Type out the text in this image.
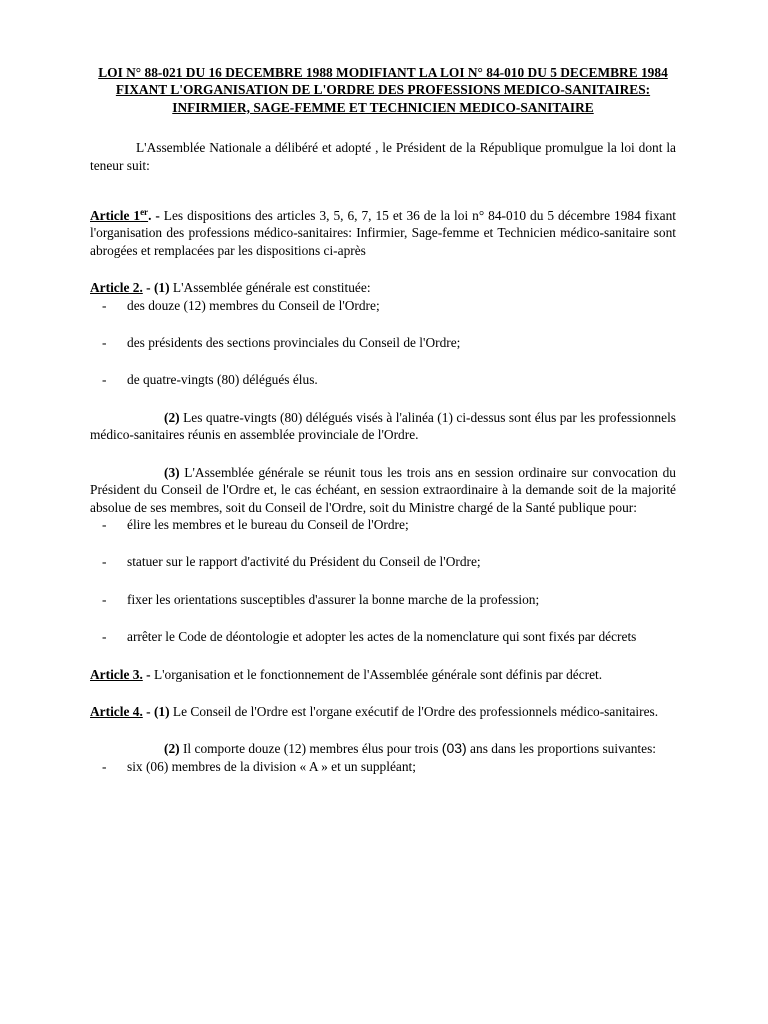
LOI N° 88-021 DU 16 DECEMBRE 1988 MODIFIANT LA LOI N° 84-010 DU 5 DECEMBRE 1984 FIXANT L'ORGANISATION DE L'ORDRE DES PROFESSIONS MEDICO-SANITAIRES: INFIRMIER, SAGE-FEMME ET TECHNICIEN MEDICO-SANITAIRE

L'Assemblée Nationale a délibéré et adopté , le Président de la République promulgue la loi dont la teneur suit:

Article 1er. - Les dispositions des articles 3, 5, 6, 7, 15 et 36 de la loi n° 84-010 du 5 décembre 1984 fixant l'organisation des professions médico-sanitaires: Infirmier, Sage-femme et Technicien médico-sanitaire sont abrogées et remplacées par les dispositions ci-après

Article 2. - (1) L'Assemblée générale est constituée:

- des douze (12) membres du Conseil de l'Ordre;
- des présidents des sections provinciales du Conseil de l'Ordre;
- de quatre-vingts (80) délégués élus.

(2) Les quatre-vingts (80) délégués visés à l'alinéa (1) ci-dessus sont élus par les professionnels médico-sanitaires réunis en assemblée provinciale de l'Ordre.

(3) L'Assemblée générale se réunit tous les trois ans en session ordinaire sur convocation du Président du Conseil de l'Ordre et, le cas échéant, en session extraordinaire à la demande soit de la majorité absolue de ses membres, soit du Conseil de l'Ordre, soit du Ministre chargé de la Santé publique pour:

- élire les membres et le bureau du Conseil de l'Ordre;
- statuer sur le rapport d'activité du Président du Conseil de l'Ordre;
- fixer les orientations susceptibles d'assurer la bonne marche de la profession;
- arrêter le Code de déontologie et adopter les actes de la nomenclature qui sont fixés par décrets

Article 3. - L'organisation et le fonctionnement de l'Assemblée générale sont définis par décret.

Article 4. - (1) Le Conseil de l'Ordre est l'organe exécutif de l'Ordre des professionnels médico-sanitaires.

(2) Il comporte douze (12) membres élus pour trois (03) ans dans les proportions suivantes:

- six (06) membres de la division « A » et un suppléant;
